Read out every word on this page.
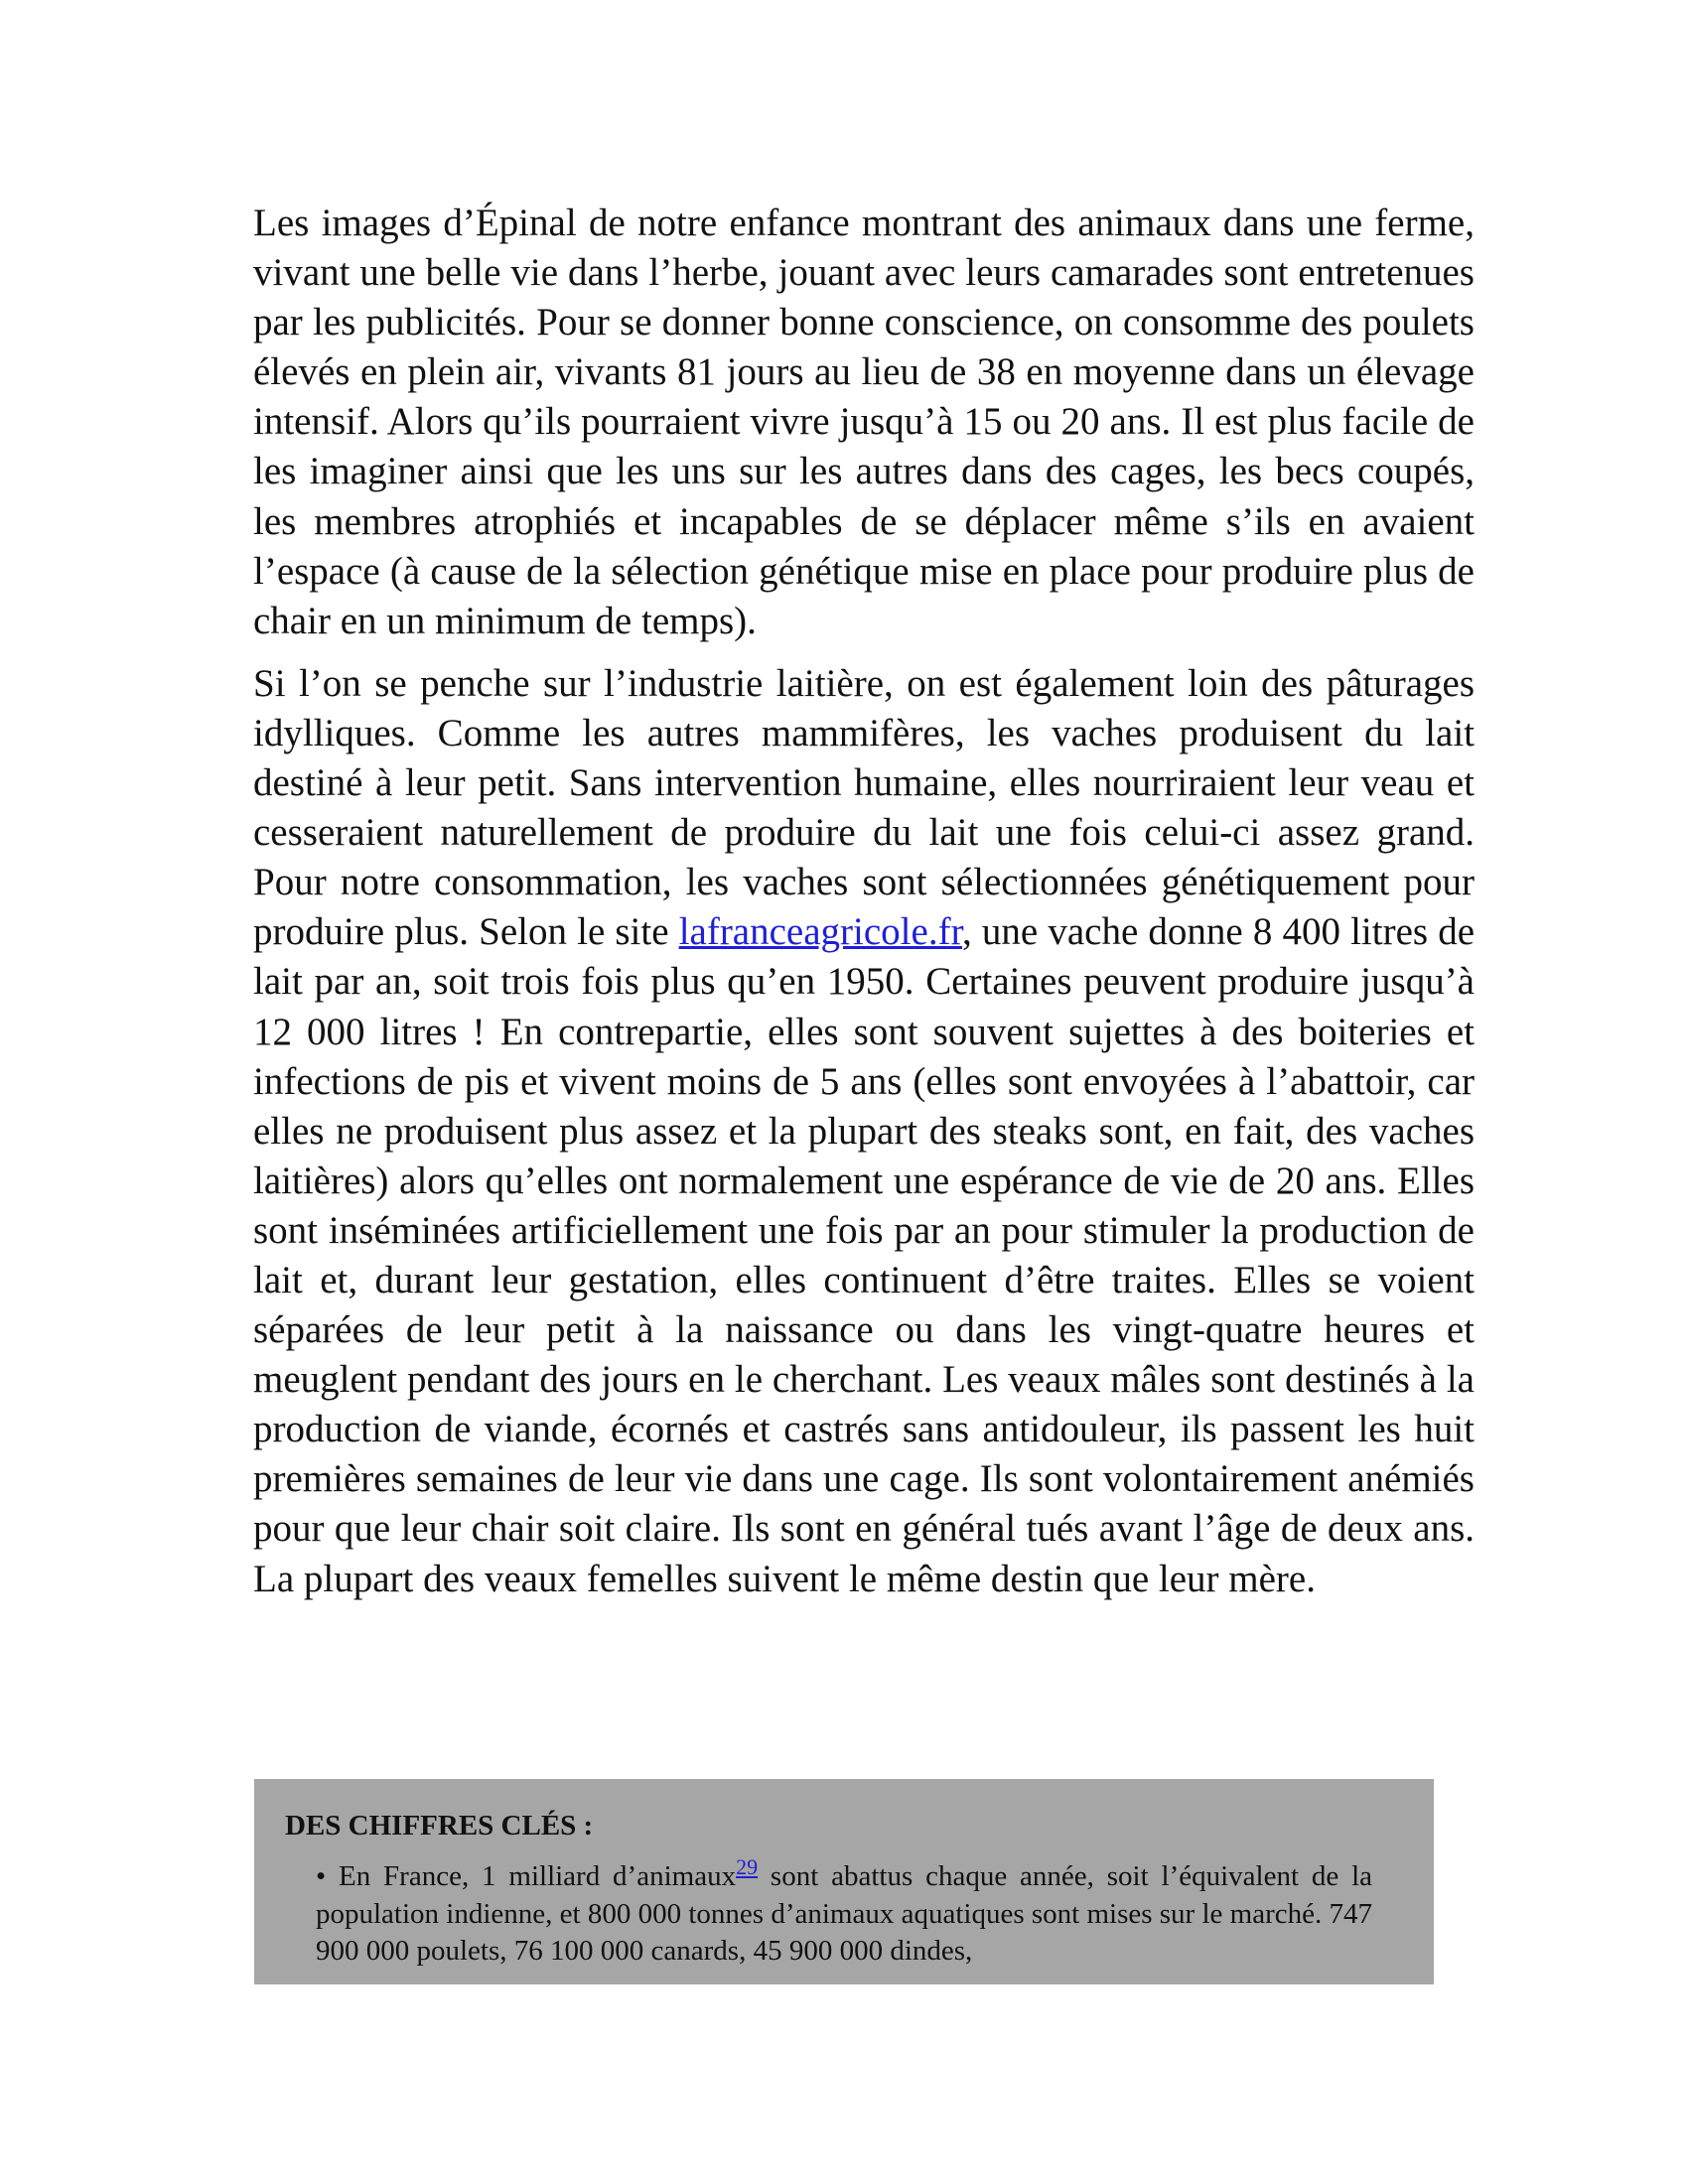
Les images d’Épinal de notre enfance montrant des animaux dans une ferme, vivant une belle vie dans l’herbe, jouant avec leurs camarades sont entretenues par les publicités. Pour se donner bonne conscience, on consomme des poulets élevés en plein air, vivants 81 jours au lieu de 38 en moyenne dans un élevage intensif. Alors qu’ils pourraient vivre jusqu’à 15 ou 20 ans. Il est plus facile de les imaginer ainsi que les uns sur les autres dans des cages, les becs coupés, les membres atrophiés et incapables de se déplacer même s’ils en avaient l’espace (à cause de la sélection génétique mise en place pour produire plus de chair en un minimum de temps).

Si l’on se penche sur l’industrie laitière, on est également loin des pâturages idylliques. Comme les autres mammifères, les vaches produisent du lait destiné à leur petit. Sans intervention humaine, elles nourriraient leur veau et cesseraient naturellement de produire du lait une fois celui-ci assez grand. Pour notre consommation, les vaches sont sélectionnées génétiquement pour produire plus. Selon le site lafranceagricole.fr, une vache donne 8 400 litres de lait par an, soit trois fois plus qu’en 1950. Certaines peuvent produire jusqu’à 12 000 litres ! En contrepartie, elles sont souvent sujettes à des boiteries et infections de pis et vivent moins de 5 ans (elles sont envoyées à l’abattoir, car elles ne produisent plus assez et la plupart des steaks sont, en fait, des vaches laitières) alors qu’elles ont normalement une espérance de vie de 20 ans. Elles sont inséminées artificiellement une fois par an pour stimuler la production de lait et, durant leur gestation, elles continuent d’être traites. Elles se voient séparées de leur petit à la naissance ou dans les vingt-quatre heures et meuglent pendant des jours en le cherchant. Les veaux mâles sont destinés à la production de viande, écornés et castrés sans antidouleur, ils passent les huit premières semaines de leur vie dans une cage. Ils sont volontairement anémiés pour que leur chair soit claire. Ils sont en général tués avant l’âge de deux ans. La plupart des veaux femelles suivent le même destin que leur mère.

DES CHIFFRES CLÉS :

• En France, 1 milliard d’animaux$^{29}$ sont abattus chaque année, soit l’équivalent de la population indienne, et 800 000 tonnes d’animaux aquatiques sont mises sur le marché. 747 900 000 poulets, 76 100 000 canards, 45 900 000 dindes,
